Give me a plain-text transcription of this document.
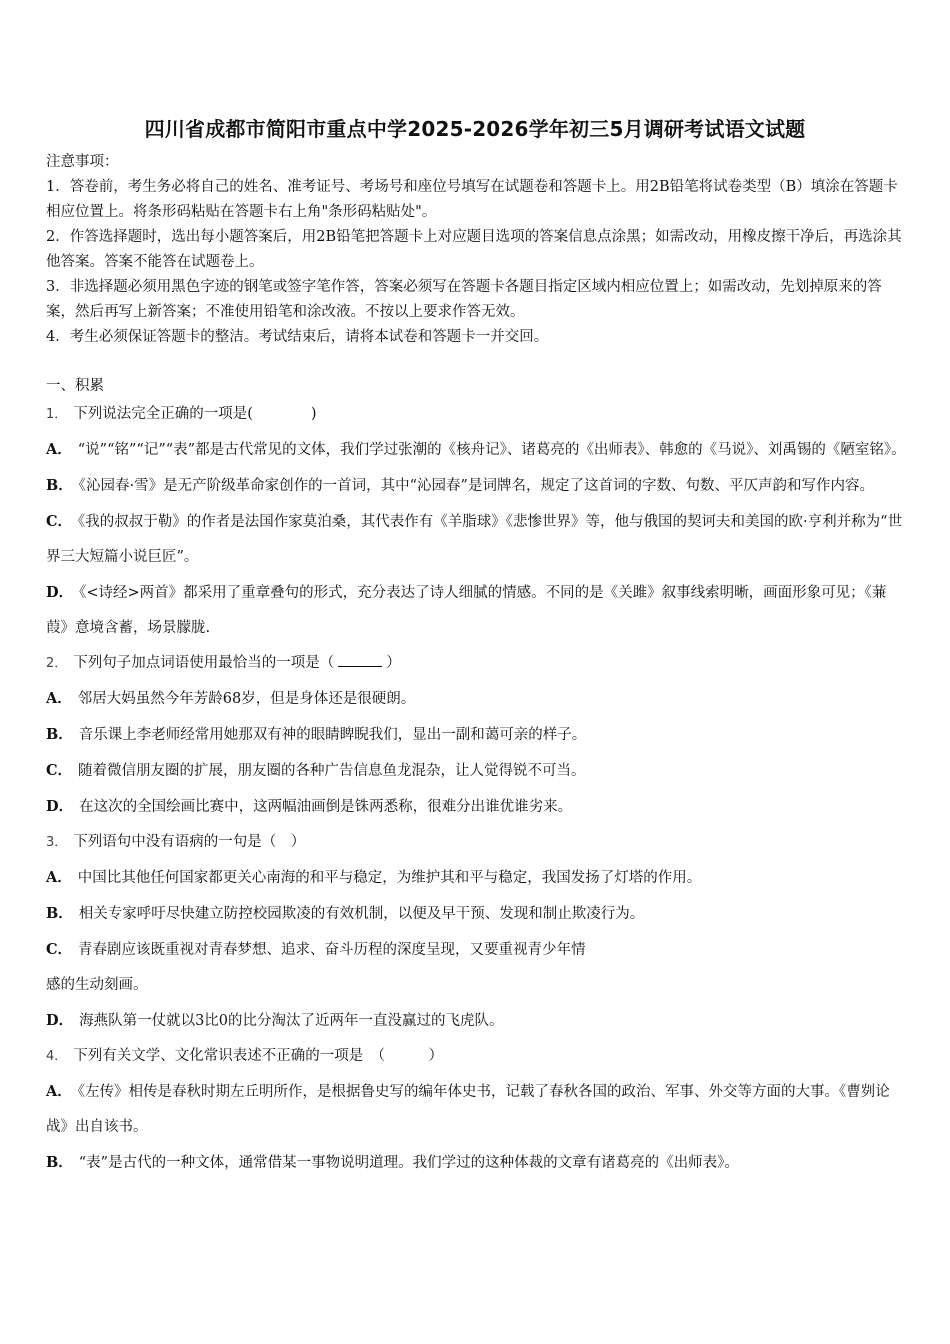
四川省成都市简阳市重点中学2025-2026学年初三5月调研考试语文试题

注意事项：

1．答卷前，考生务必将自己的姓名、准考证号、考场号和座位号填写在试题卷和答题卡上。用2B铅笔将试卷类型（B）填涂在答题卡相应位置上。将条形码粘贴在答题卡右上角"条形码粘贴处"。

2．作答选择题时，选出每小题答案后，用2B铅笔把答题卡上对应题目选项的答案信息点涂黑；如需改动，用橡皮擦干净后，再选涂其他答案。答案不能答在试题卷上。

3．非选择题必须用黑色字迹的钢笔或签字笔作答，答案必须写在答题卡各题目指定区域内相应位置上；如需改动，先划掉原来的答案，然后再写上新答案；不准使用铅笔和涂改液。不按以上要求作答无效。

4．考生必须保证答题卡的整洁。考试结束后，请将本试卷和答题卡一并交回。

一、积累

1． 下列说法完全正确的一项是(　　　　)

A． “说”“铭”“记”“表”都是古代常见的文体，我们学过张潮的《核舟记》、诸葛亮的《出师表》、韩愈的《马说》、刘禹锡的《陋室铭》。

B． 《沁园春·雪》是无产阶级革命家创作的一首词，其中“沁园春”是词牌名，规定了这首词的字数、句数、平仄声韵和写作内容。

C． 《我的叔叔于勒》的作者是法国作家莫泊桑，其代表作有《羊脂球》《悲惨世界》等，他与俄国的契诃夫和美国的欧·亨利并称为“世界三大短篇小说巨匠”。

D． 《<诗经>两首》都采用了重章叠句的形式，充分表达了诗人细腻的情感。不同的是《关雎》叙事线索明晰，画面形象可见；《蒹葭》意境含蓄，场景朦胧.

2． 下列句子加点词语使用最恰当的一项是（	）

A． 邻居大妈虽然今年芳龄68岁，但是身体还是很硬朗。

B． 音乐课上李老师经常用她那双有神的眼睛睥睨我们，显出一副和蔼可亲的样子。

C． 随着微信朋友圈的扩展，朋友圈的各种广告信息鱼龙混杂，让人觉得锐不可当。

D． 在这次的全国绘画比赛中，这两幅油画倒是铢两悉称，很难分出谁优谁劣来。

3． 下列语句中没有语病的一句是（　）

A． 中国比其他任何国家都更关心南海的和平与稳定，为维护其和平与稳定，我国发扬了灯塔的作用。

B． 相关专家呼吁尽快建立防控校园欺凌的有效机制，以便及早干预、发现和制止欺凌行为。

C． 青春剧应该既重视对青春梦想、追求、奋斗历程的深度呈现，又要重视青少年情

感的生动刻画。

D． 海燕队第一仗就以3比0的比分淘汰了近两年一直没赢过的飞虎队。

4． 下列有关文学、文化常识表述不正确的一项是　（　　　）

A． 《左传》相传是春秋时期左丘明所作，是根据鲁史写的编年体史书，记载了春秋各国的政治、军事、外交等方面的大事。《曹刿论战》出自该书。

B． “表”是古代的一种文体，通常借某一事物说明道理。我们学过的这种体裁的文章有诸葛亮的《出师表》。
